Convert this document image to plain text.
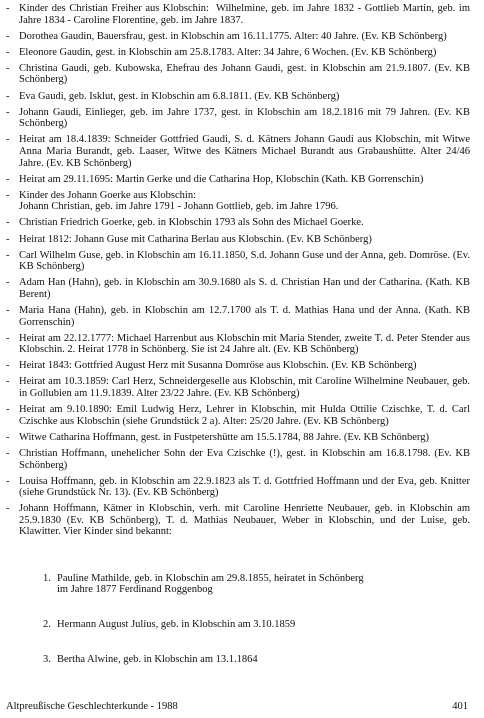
- Kinder des Christian Freiher aus Klobschin:  Wilhelmine, geb. im Jahre 1832 - Gottlieb Martin, geb. im Jahre 1834 - Caroline Florentine, geb. im Jahre 1837.
- Dorothea Gaudin, Bauersfrau, gest. in Klobschin am 16.11.1775. Alter: 40 Jahre. (Ev. KB Schönberg)
- Eleonore Gaudin, gest. in Klobschin am 25.8.1783. Alter: 34 Jahre, 6 Wochen. (Ev. KB Schönberg)
- Christina Gaudi, geb. Kubowska, Ehefrau des Johann Gaudi, gest. in Klobschin am 21.9.1807. (Ev. KB Schönberg)
- Eva Gaudi, geb. Isklut, gest. in Klobschin am 6.8.1811. (Ev. KB Schönberg)
- Johann Gaudi, Einlieger, geb. im Jahre 1737, gest. in Klobschin am 18.2.1816 mit 79 Jahren. (Ev. KB Schönberg)
- Heirat am 18.4.1839: Schneider Gottfried Gaudi, S. d. Kätners Johann Gaudi aus Klobschin, mit Witwe Anna Maria Burandt, geb. Laaser, Witwe des Kätners Michael Burandt aus Grabaushütte. Alter 24/46 Jahre. (Ev. KB Schönberg)
- Heirat am 29.11.1695: Martin Gerke und die Catharina Hop, Klobschin (Kath. KB Gorrenschin)
- Kinder des Johann Goerke aus Klobschin:
Johann Christian, geb. im Jahre 1791 - Johann Gottlieb, geb. im Jahre 1796.
- Christian Friedrich Goerke, geb. in Klobschin 1793 als Sohn des Michael Goerke.
- Heirat 1812: Johann Guse mit Catharina Berlau aus Klobschin. (Ev. KB Schönberg)
- Carl Wilhelm Guse, geb. in Klobschin am 16.11.1850, S.d. Johann Guse und der Anna, geb. Domröse. (Ev. KB Schönberg)
- Adam Han (Hahn), geb. in Klobschin am 30.9.1680 als S. d. Christian Han und der Catharina. (Kath. KB Berent)
- Maria Hana (Hahn), geb. in Klobschin am 12.7.1700 als T. d. Mathias Hana und der Anna. (Kath. KB Gorrenschin)
- Heirat am 22.12.1777: Michael Harrenbut aus Klobschin mit Maria Stender, zweite T. d. Peter Stender aus Klobschin. 2. Heirat 1778 in Schönberg. Sie ist 24 Jahre alt. (Ev. KB Schönberg)
- Heirat 1843: Gottfried August Herz mit Susanna Domröse aus Klobschin. (Ev. KB Schönberg)
- Heirat am 10.3.1859: Carl Herz, Schneidergeselle aus Klobschin, mit Caroline Wilhelmine Neubauer, geb. in Gollubien am 11.9.1839. Alter 23/22 Jahre. (Ev. KB Schönberg)
- Heirat am 9.10.1890: Emil Ludwig Herz, Lehrer in Klobschin, mit Hulda Ottilie Czischke, T. d. Carl Czischke aus Klobschin (siehe Grundstück 2 a). Alter: 25/20 Jahre. (Ev. KB Schönberg)
- Witwe Catharina Hoffmann, gest. in Fustpetershütte am 15.5.1784, 88 Jahre. (Ev. KB Schönberg)
- Christian Hoffmann, unehelicher Sohn der Eva Czischke (!), gest. in Klobschin am 16.8.1798. (Ev. KB Schönberg)
- Louisa Hoffmann, geb. in Klobschin am 22.9.1823 als T. d. Gottfried Hoffmann und der Eva, geb. Knitter (siehe Grundstück Nr. 13). (Ev. KB Schönberg)
- Johann Hoffmann, Kätner in Klobschin, verh. mit Caroline Henriette Neubauer, geb. in Klobschin am 25.9.1830 (Ev. KB Schönberg), T. d. Mathias Neubauer, Weber in Klobschin, und der Luise, geb. Klawitter. Vier Kinder sind bekannt:

1. Pauline Mathilde, geb. in Klobschin am 29.8.1855, heiratet in Schönberg
im Jahre 1877 Ferdinand Roggenbog

2. Hermann August Julius, geb. in Klobschin am 3.10.1859

3. Bertha Alwine, geb. in Klobschin am 13.1.1864

Altpreußische Geschlechterkunde - 1988	401
